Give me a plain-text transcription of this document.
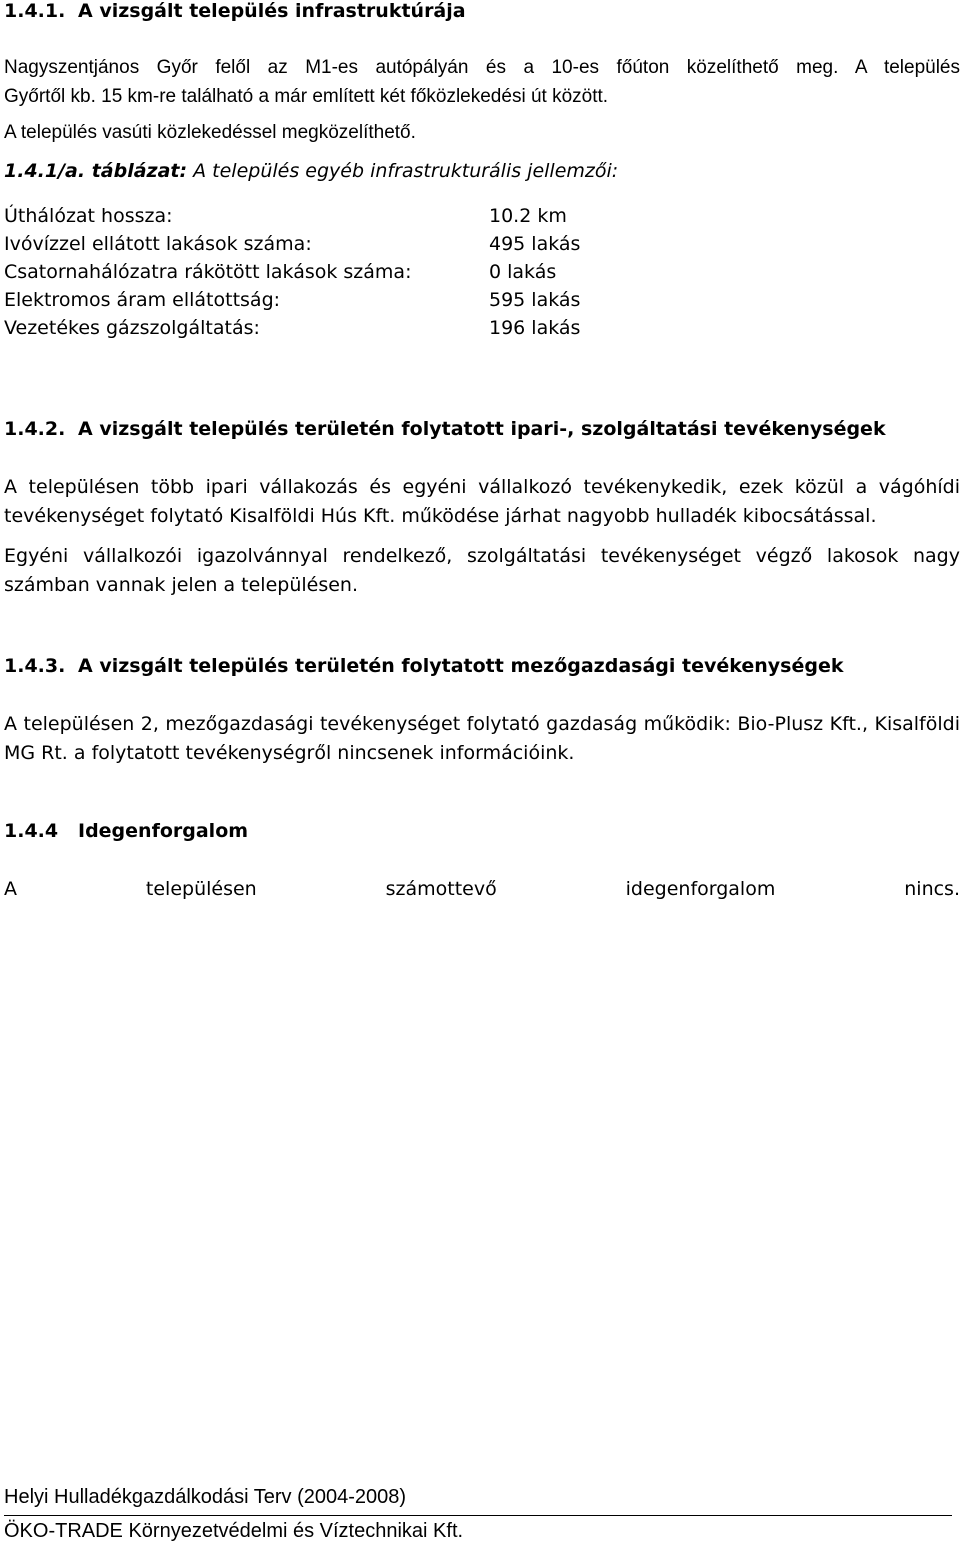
1.4.1. A vizsgált település infrastruktúrája
Nagyszentjános Győr felől az M1-es autópályán és a 10-es főúton közelíthető meg. A település
Győrtől kb. 15 km-re található a már említett két főközlekedési út között.
A település vasúti közlekedéssel megközelíthető.
1.4.1/a. táblázat: A település egyéb infrastrukturális jellemzői:
Úthálózat hossza:	10.2 km
Ivóvízzel ellátott lakások száma:	495 lakás
Csatornahálózatra rákötött lakások száma:	0 lakás
Elektromos áram ellátottság:	595 lakás
Vezetékes gázszolgáltatás:	196 lakás
1.4.2. A vizsgált település területén folytatott ipari-, szolgáltatási tevékenységek
A településen több ipari vállakozás és egyéni vállalkozó tevékenykedik, ezek közül a vágóhídi tevékenységet folytató Kisalföldi Hús Kft. működése járhat nagyobb hulladék kibocsátással.
Egyéni vállalkozói igazolvánnyal rendelkező, szolgáltatási tevékenységet végző lakosok nagy számban vannak jelen a településen.
1.4.3. A vizsgált település területén folytatott mezőgazdasági tevékenységek
A településen 2, mezőgazdasági tevékenységet folytató gazdaság működik: Bio-Plusz Kft., Kisalföldi MG Rt. a folytatott tevékenységről nincsenek információink.
1.4.4 Idegenforgalom
A településen számottevő idegenforgalom nincs.
Helyi Hulladékgazdálkodási Terv (2004-2008)
ÖKO-TRADE Környezetvédelmi és Víztechnikai Kft.
